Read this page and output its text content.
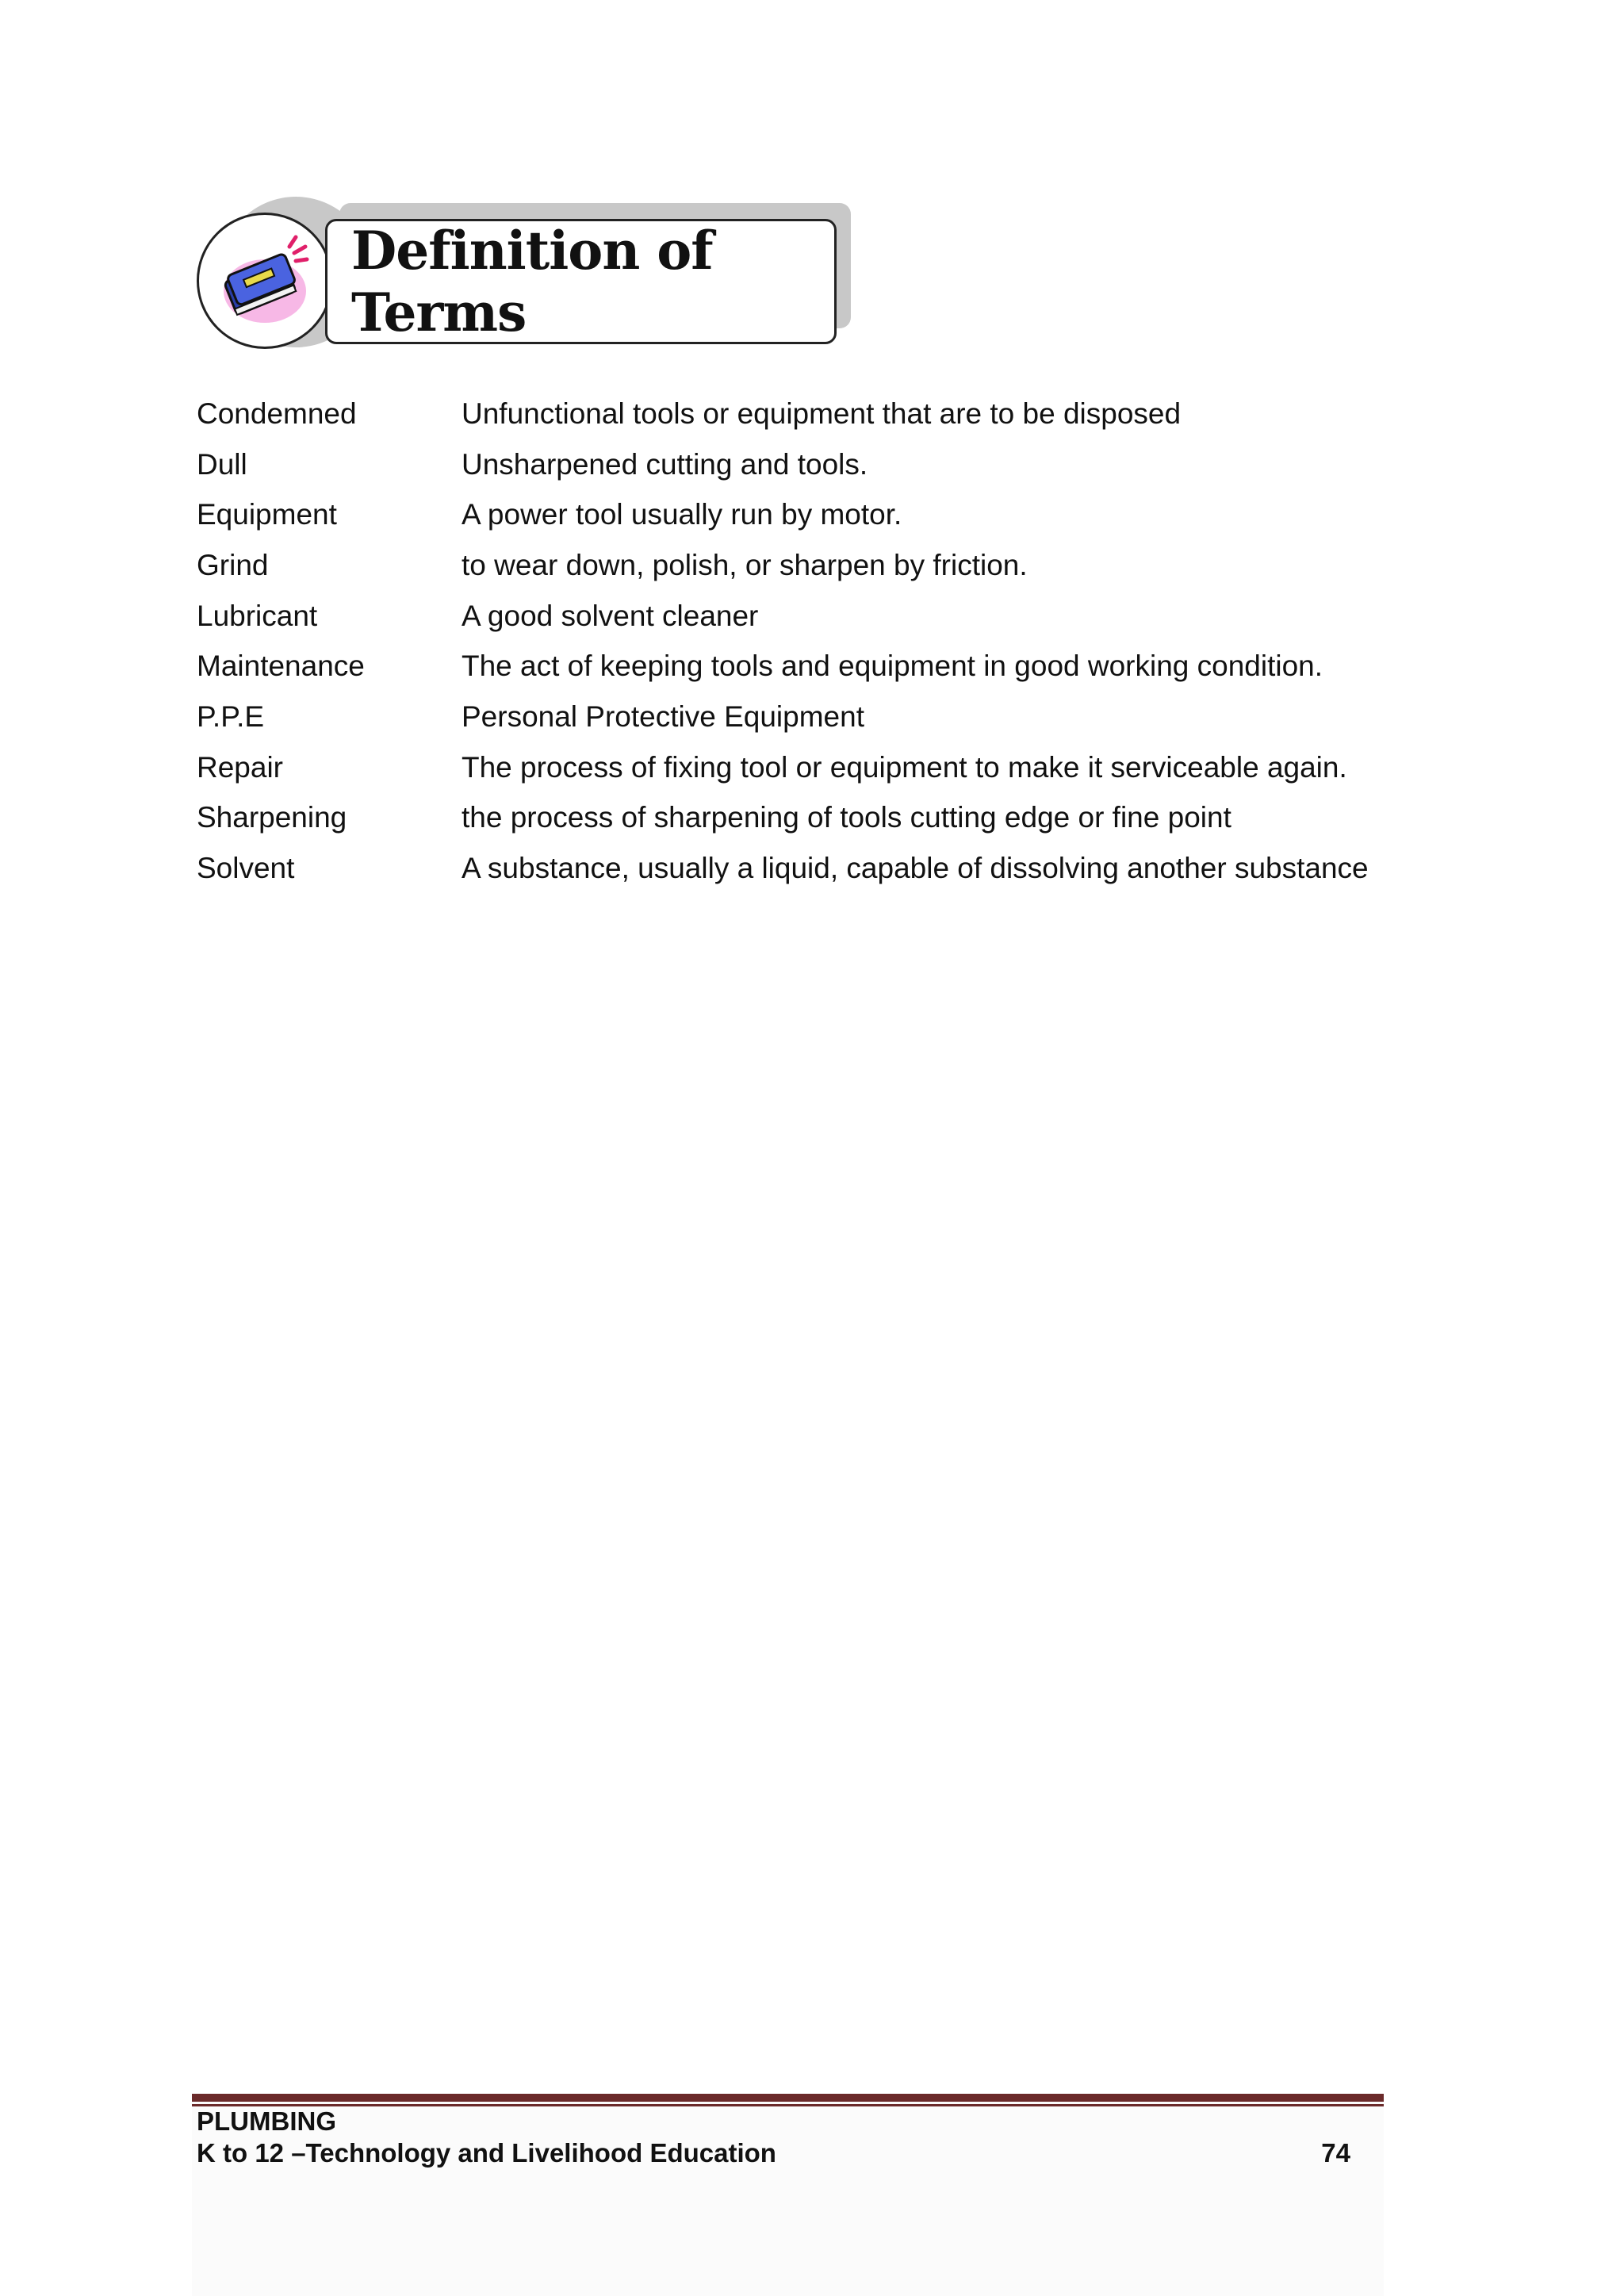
Definition of Terms
Condemned	Unfunctional tools or equipment that are to be disposed
Dull	Unsharpened cutting and tools.
Equipment	A power tool usually run by motor.
Grind	to wear down, polish, or sharpen by friction.
Lubricant	A good solvent cleaner
Maintenance	The act of keeping tools and equipment in good working condition.
P.P.E	Personal Protective Equipment
Repair	The process of fixing tool or equipment to make it serviceable again.
Sharpening	the process of sharpening of tools cutting edge or fine point
Solvent	A substance, usually a liquid, capable of dissolving another substance
PLUMBING
K to 12 –Technology and Livelihood Education	74
